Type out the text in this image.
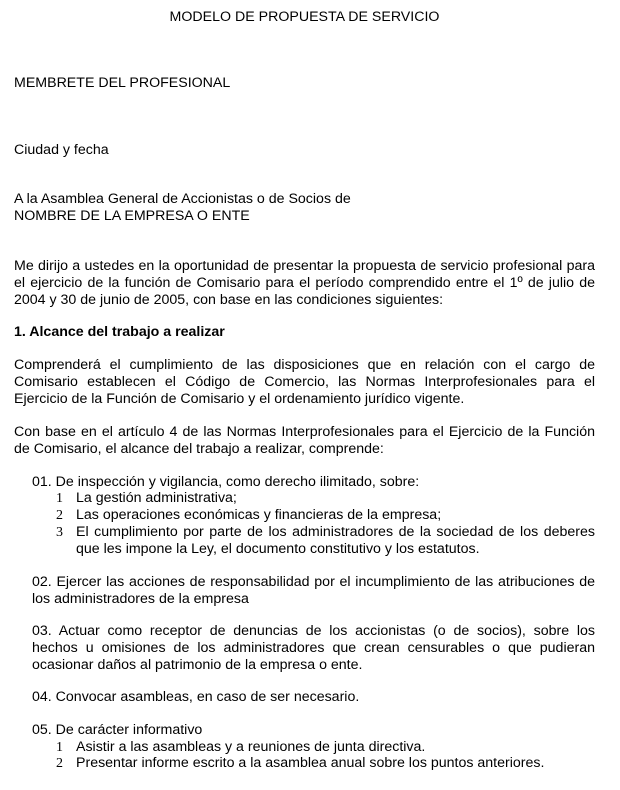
MODELO DE PROPUESTA DE SERVICIO
MEMBRETE DEL PROFESIONAL
Ciudad y fecha
A la Asamblea General de Accionistas o de Socios de
NOMBRE DE LA EMPRESA O ENTE
Me dirijo a ustedes en la oportunidad de presentar la propuesta de servicio profesional para el ejercicio de la función de Comisario para el período comprendido entre el 1º de julio de 2004 y 30 de junio de 2005, con base en las condiciones siguientes:
1. Alcance del trabajo a realizar
Comprenderá el cumplimiento de las disposiciones que en relación con el cargo de Comisario establecen el Código de Comercio, las Normas Interprofesionales para el Ejercicio de la Función de Comisario y el ordenamiento jurídico vigente.
Con base en el artículo 4 de las Normas Interprofesionales para el Ejercicio de la Función de Comisario, el alcance del trabajo a realizar, comprende:
01. De inspección y vigilancia, como derecho ilimitado, sobre:
1 La gestión administrativa;
2 Las operaciones económicas y financieras de la empresa;
3 El cumplimiento por parte de los administradores de la sociedad de los deberes que les impone la Ley, el documento constitutivo y los estatutos.
02. Ejercer las acciones de responsabilidad por el incumplimiento de las atribuciones de los administradores de la empresa
03. Actuar como receptor de denuncias de los accionistas (o de socios), sobre los hechos u omisiones de los administradores que crean censurables o que pudieran ocasionar daños al patrimonio de la empresa o ente.
04. Convocar asambleas, en caso de ser necesario.
05. De carácter informativo
1 Asistir a las asambleas y a reuniones de junta directiva.
2 Presentar informe escrito a la asamblea anual sobre los puntos anteriores.
